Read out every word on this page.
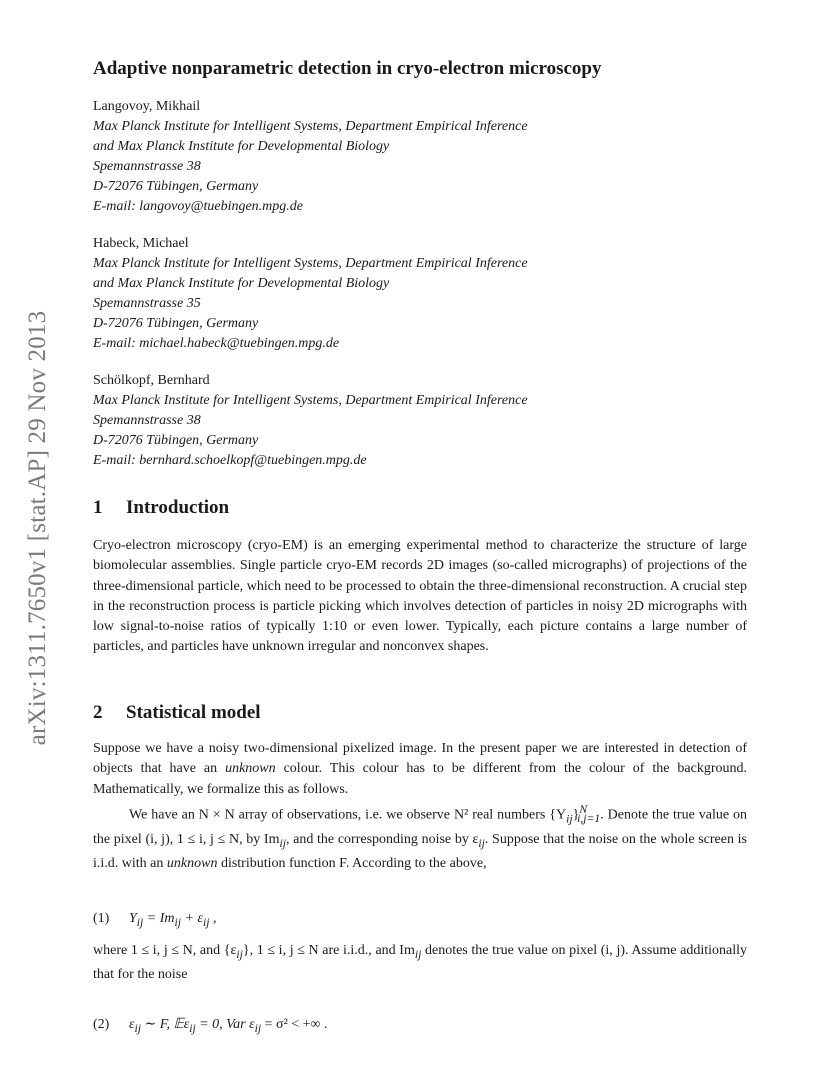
arXiv:1311.7650v1 [stat.AP] 29 Nov 2013
Adaptive nonparametric detection in cryo-electron microscopy
Langovoy, Mikhail
Max Planck Institute for Intelligent Systems, Department Empirical Inference
and Max Planck Institute for Developmental Biology
Spemannstrasse 38
D-72076 Tübingen, Germany
E-mail: langovoy@tuebingen.mpg.de
Habeck, Michael
Max Planck Institute for Intelligent Systems, Department Empirical Inference
and Max Planck Institute for Developmental Biology
Spemannstrasse 35
D-72076 Tübingen, Germany
E-mail: michael.habeck@tuebingen.mpg.de
Schölkopf, Bernhard
Max Planck Institute for Intelligent Systems, Department Empirical Inference
Spemannstrasse 38
D-72076 Tübingen, Germany
E-mail: bernhard.schoelkopf@tuebingen.mpg.de
1 Introduction
Cryo-electron microscopy (cryo-EM) is an emerging experimental method to characterize the structure of large biomolecular assemblies. Single particle cryo-EM records 2D images (so-called micrographs) of projections of the three-dimensional particle, which need to be processed to obtain the three-dimensional reconstruction. A crucial step in the reconstruction process is particle picking which involves detection of particles in noisy 2D micrographs with low signal-to-noise ratios of typically 1:10 or even lower. Typically, each picture contains a large number of particles, and particles have unknown irregular and nonconvex shapes.
2 Statistical model
Suppose we have a noisy two-dimensional pixelized image. In the present paper we are interested in detection of objects that have an unknown colour. This colour has to be different from the colour of the background. Mathematically, we formalize this as follows.
We have an N × N array of observations, i.e. we observe N² real numbers $\{Y_{ij}\}^N_{i,j=1}$. Denote the true value on the pixel (i, j), 1 ≤ i, j ≤ N, by $Im_{ij}$, and the corresponding noise by $\varepsilon_{ij}$. Suppose that the noise on the whole screen is i.i.d. with an unknown distribution function F. According to the above,
(1) $Y_{ij} = Im_{ij} + \varepsilon_{ij}$ ,
where 1 ≤ i, j ≤ N, and $\{\varepsilon_{ij}\}$, 1 ≤ i, j ≤ N are i.i.d., and $Im_{ij}$ denotes the true value on pixel (i, j). Assume additionally that for the noise
(2) $\varepsilon_{ij}$ ∼ F, 𝔼ε$_{ij}$ = 0, Var $\varepsilon_{ij} = \sigma^2$ < +∞ .
